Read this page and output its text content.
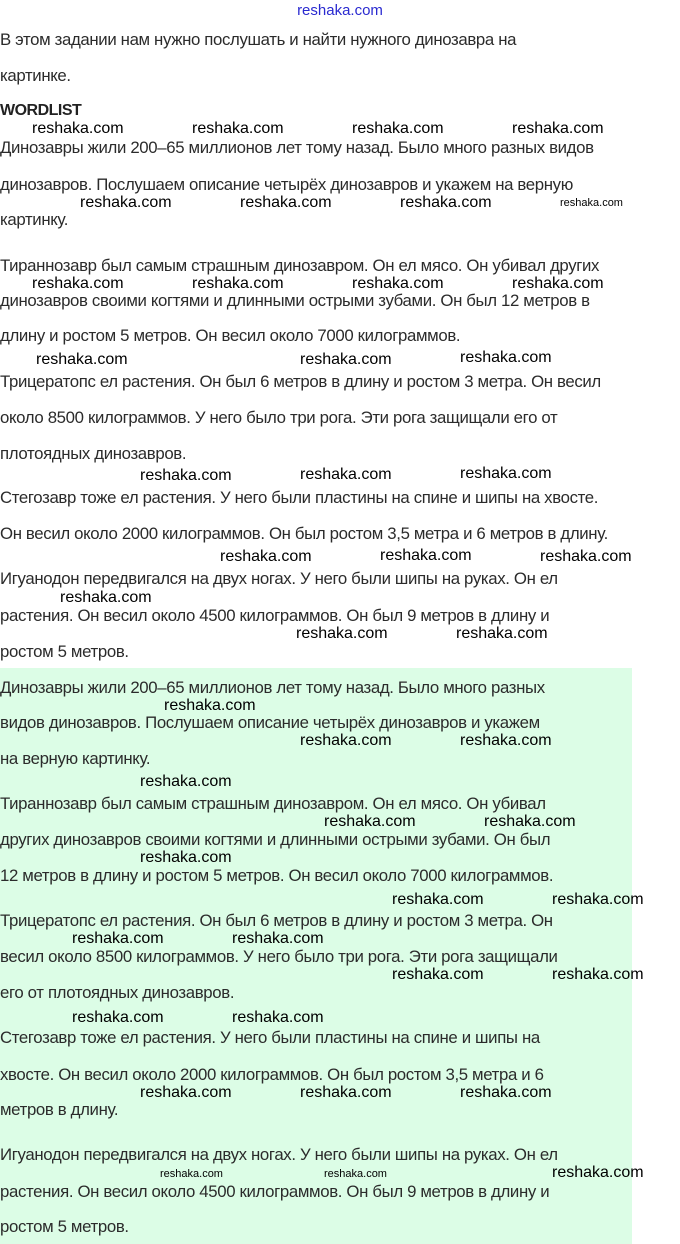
reshaka.com
В этом задании нам нужно послушать и найти нужного динозавра на
картинке.
WORDLIST
Динозавры жили 200–65 миллионов лет тому назад. Было много разных видов
динозавров. Послушаем описание четырёх динозавров и укажем на верную
картинку.
Тираннозавр был самым страшным динозавром. Он ел мясо. Он убивал других
динозавров своими когтями и длинными острыми зубами. Он был 12 метров в
длину и ростом 5 метров. Он весил около 7000 килограммов.
Трицератопс ел растения. Он был 6 метров в длину и ростом 3 метра. Он весил
около 8500 килограммов. У него было три рога. Эти рога защищали его от
плотоядных динозавров.
Стегозавр тоже ел растения. У него были пластины на спине и шипы на хвосте.
Он весил около 2000 килограммов. Он был ростом 3,5 метра и 6 метров в длину.
Игуанодон передвигался на двух ногах. У него были шипы на руках. Он ел
растения. Он весил около 4500 килограммов. Он был 9 метров в длину и
ростом 5 метров.
Динозавры жили 200–65 миллионов лет тому назад. Было много разных
видов динозавров. Послушаем описание четырёх динозавров и укажем
на верную картинку.
Тираннозавр был самым страшным динозавром. Он ел мясо. Он убивал
других динозавров своими когтями и длинными острыми зубами. Он был
12 метров в длину и ростом 5 метров. Он весил около 7000 килограммов.
Трицератопс ел растения. Он был 6 метров в длину и ростом 3 метра. Он
весил около 8500 килограммов. У него было три рога. Эти рога защищали
его от плотоядных динозавров.
Стегозавр тоже ел растения. У него были пластины на спине и шипы на
хвосте. Он весил около 2000 килограммов. Он был ростом 3,5 метра и 6
метров в длину.
Игуанодон передвигался на двух ногах. У него были шипы на руках. Он ел
растения. Он весил около 4500 килограммов. Он был 9 метров в длину и
ростом 5 метров.
reshaka.com	reshaka.com	reshaka.com	reshaka.com
reshaka.com	reshaka.com	reshaka.com	reshaka.com
reshaka.com	reshaka.com	reshaka.com	reshaka.com
reshaka.com	reshaka.com	reshaka.com
reshaka.com	reshaka.com	reshaka.com
reshaka.com	reshaka.com	reshaka.com
reshaka.com
reshaka.com	reshaka.com
reshaka.com
reshaka.com	reshaka.com
reshaka.com
reshaka.com	reshaka.com
reshaka.com
reshaka.com	reshaka.com
reshaka.com	reshaka.com
reshaka.com	reshaka.com
reshaka.com	reshaka.com
reshaka.com
reshaka.com	reshaka.com
reshaka.com
reshaka.com	reshaka.com
